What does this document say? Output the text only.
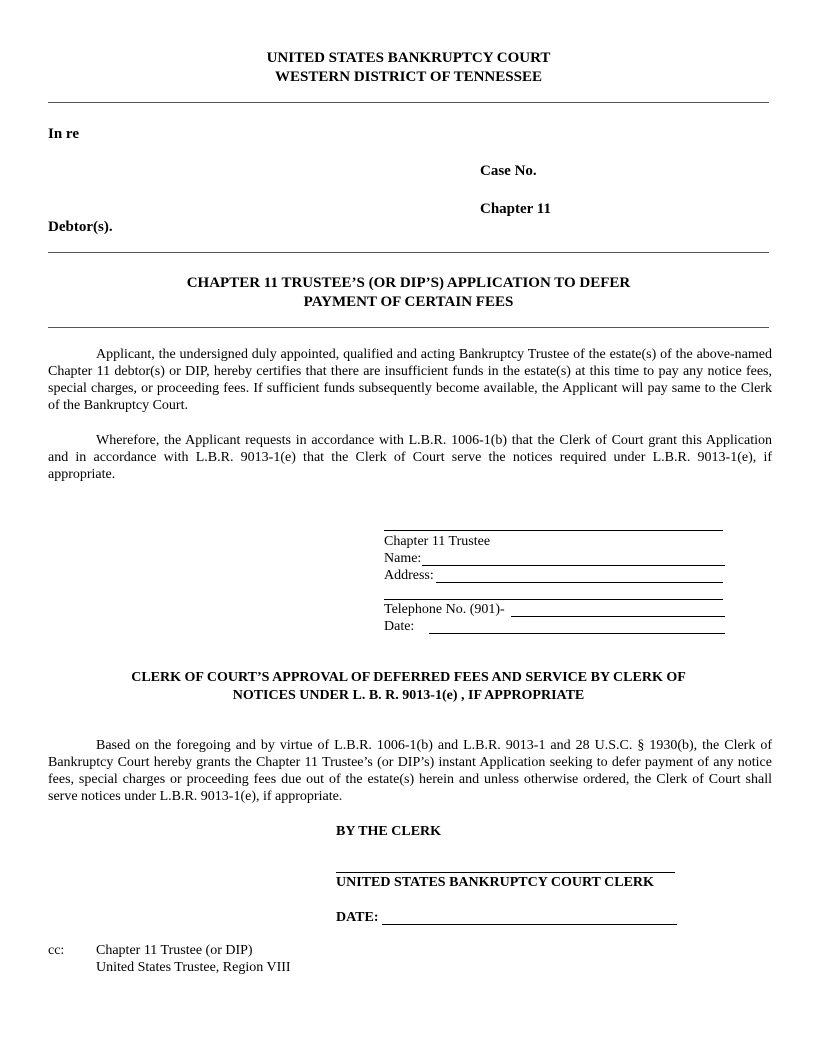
UNITED STATES BANKRUPTCY COURT
WESTERN DISTRICT OF TENNESSEE
In re
Case No.
Chapter 11
Debtor(s).
CHAPTER 11 TRUSTEE’S (OR DIP’S) APPLICATION TO DEFER
PAYMENT OF CERTAIN FEES
Applicant, the undersigned duly appointed, qualified and acting Bankruptcy Trustee of the estate(s) of the above-named Chapter 11 debtor(s) or DIP, hereby certifies that there are insufficient funds in the estate(s) at this time to pay any notice fees, special charges, or proceeding fees. If sufficient funds subsequently become available, the Applicant will pay same to the Clerk of the Bankruptcy Court.
Wherefore, the Applicant requests in accordance with L.B.R. 1006-1(b) that the Clerk of Court grant this Application and in accordance with L.B.R. 9013-1(e) that the Clerk of Court serve the notices required under L.B.R. 9013-1(e), if appropriate.
Chapter 11 Trustee
Name:
Address:
Telephone No. (901)-
Date:
CLERK OF COURT’S APPROVAL OF DEFERRED FEES AND SERVICE BY CLERK OF
NOTICES UNDER L. B. R. 9013-1(e) , IF APPROPRIATE
Based on the foregoing and by virtue of L.B.R. 1006-1(b) and L.B.R. 9013-1 and 28 U.S.C. § 1930(b), the Clerk of Bankruptcy Court hereby grants the Chapter 11 Trustee’s (or DIP’s) instant Application seeking to defer payment of any notice fees, special charges or proceeding fees due out of the estate(s) herein and unless otherwise ordered, the Clerk of Court shall serve notices under L.B.R. 9013-1(e), if appropriate.
BY THE CLERK
UNITED STATES BANKRUPTCY COURT CLERK
DATE:
cc: Chapter 11 Trustee (or DIP)
United States Trustee, Region VIII
